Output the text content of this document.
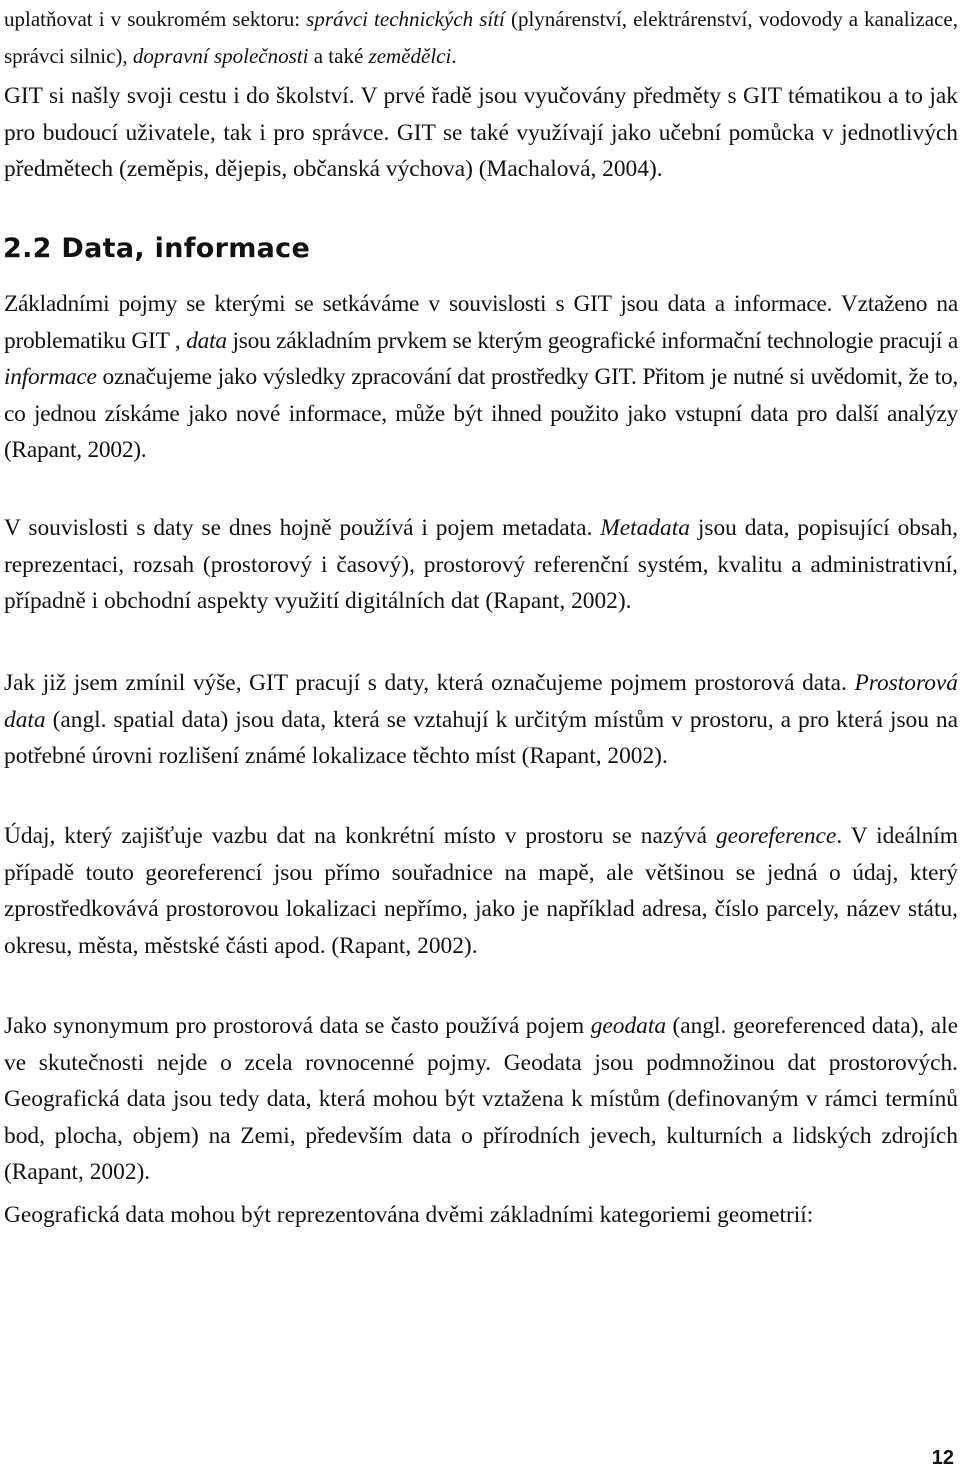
uplatňovat i v soukromém sektoru: správci technických sítí (plynárenství, elektrárenství, vodovody a kanalizace, správci silnic), dopravní společnosti a také zemědělci.

GIT si našly svoji cestu i do školství. V prvé řadě jsou vyučovány předměty s GIT tématikou a to jak pro budoucí uživatele, tak i pro správce. GIT se také využívají jako učební pomůcka v jednotlivých předmětech (zeměpis, dějepis, občanská výchova) (Machalová, 2004).

2.2 Data, informace

Základními pojmy se kterými se setkáváme v souvislosti s GIT jsou data a informace. Vztaženo na problematiku GIT , data jsou základním prvkem se kterým geografické informační technologie pracují a informace označujeme jako výsledky zpracování dat prostředky GIT. Přitom je nutné si uvědomit, že to, co jednou získáme jako nové informace, může být ihned použito jako vstupní data pro další analýzy (Rapant, 2002).

V souvislosti s daty se dnes hojně používá i pojem metadata. Metadata jsou data, popisující obsah, reprezentaci, rozsah (prostorový i časový), prostorový referenční systém, kvalitu a administrativní, případně i obchodní aspekty využití digitálních dat (Rapant, 2002).

Jak již jsem zmínil výše, GIT pracují s daty, která označujeme pojmem prostorová data. Prostorová data (angl. spatial data) jsou data, která se vztahují k určitým místům v prostoru, a pro která jsou na potřebné úrovni rozlišení známé lokalizace těchto míst (Rapant, 2002).

Údaj, který zajišťuje vazbu dat na konkrétní místo v prostoru se nazývá georeference. V ideálním případě touto georeferencí jsou přímo souřadnice na mapě, ale většinou se jedná o údaj, který zprostředkovává prostorovou lokalizaci nepřímo, jako je například adresa, číslo parcely, název státu, okresu, města, městské části apod. (Rapant, 2002).

Jako synonymum pro prostorová data se často používá pojem geodata (angl. georeferenced data), ale ve skutečnosti nejde o zcela rovnocenné pojmy. Geodata jsou podmnožinou dat prostorových. Geografická data jsou tedy data, která mohou být vztažena k místům (definovaným v rámci termínů bod, plocha, objem) na Zemi, především data o přírodních jevech, kulturních a lidských zdrojích (Rapant, 2002).

Geografická data mohou být reprezentována dvěmi základními kategoriemi geometrií:

12
